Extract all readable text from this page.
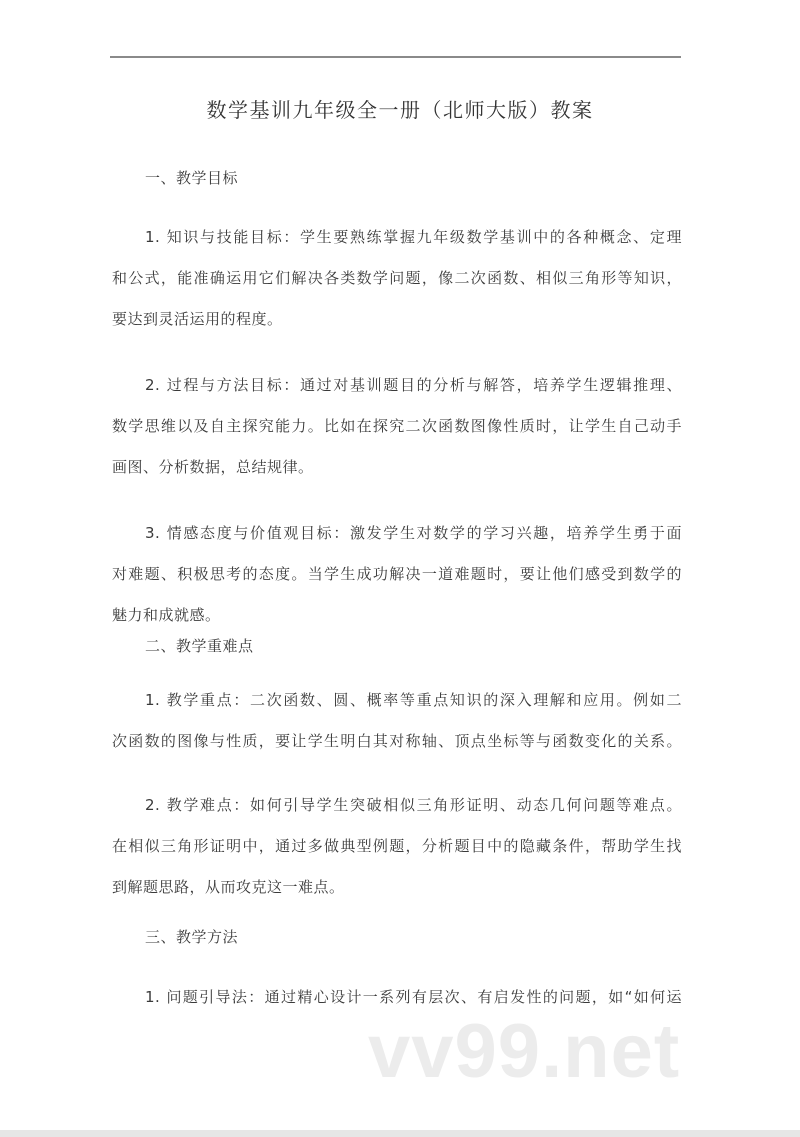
数学基训九年级全一册（北师大版）教案
一、教学目标
1. 知识与技能目标：学生要熟练掌握九年级数学基训中的各种概念、定理
和公式，能准确运用它们解决各类数学问题，像二次函数、相似三角形等知识，
要达到灵活运用的程度。
2. 过程与方法目标：通过对基训题目的分析与解答，培养学生逻辑推理、
数学思维以及自主探究能力。比如在探究二次函数图像性质时，让学生自己动手
画图、分析数据，总结规律。
3. 情感态度与价值观目标：激发学生对数学的学习兴趣，培养学生勇于面
对难题、积极思考的态度。当学生成功解决一道难题时，要让他们感受到数学的
魅力和成就感。
二、教学重难点
1. 教学重点：二次函数、圆、概率等重点知识的深入理解和应用。例如二
次函数的图像与性质，要让学生明白其对称轴、顶点坐标等与函数变化的关系。
2. 教学难点：如何引导学生突破相似三角形证明、动态几何问题等难点。
在相似三角形证明中，通过多做典型例题，分析题目中的隐藏条件，帮助学生找
到解题思路，从而攻克这一难点。
三、教学方法
1. 问题引导法：通过精心设计一系列有层次、有启发性的问题，如“如何运
vv99.net
